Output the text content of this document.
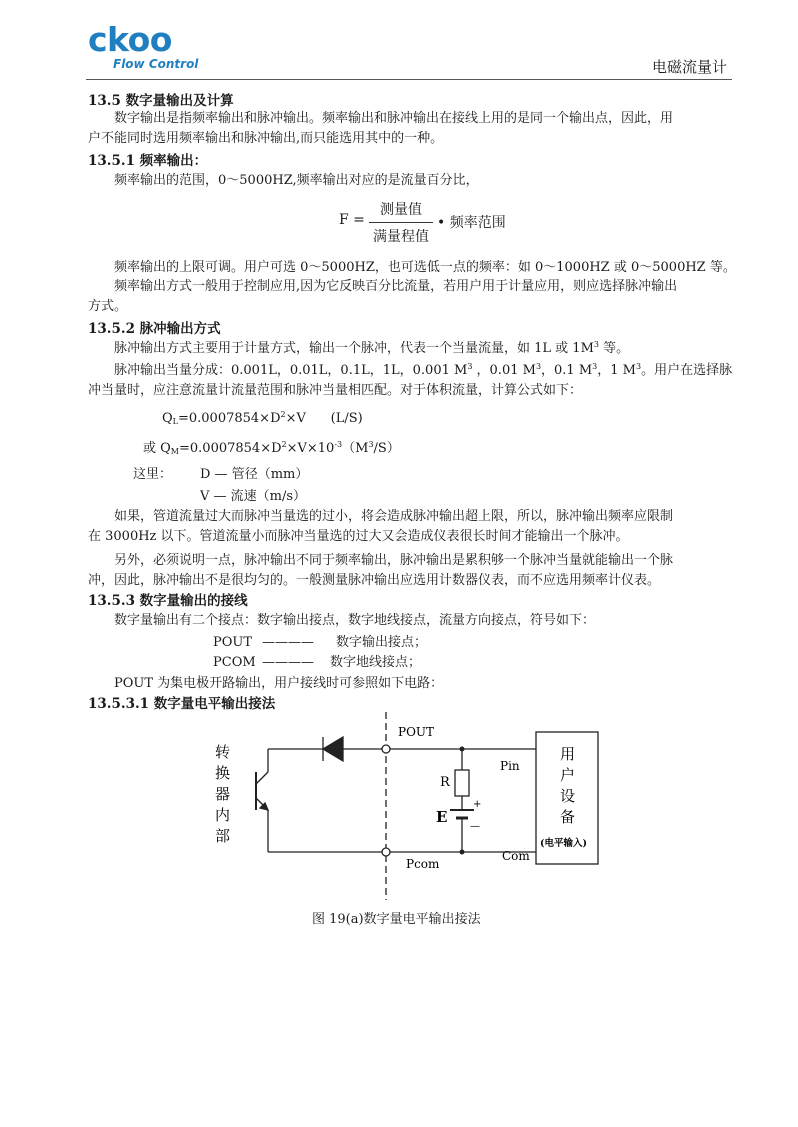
ckoo
Flow Control	电磁流量计
13.5 数字量输出及计算
数字输出是指频率输出和脉冲输出。频率输出和脉冲输出在接线上用的是同一个输出点，因此，用
户不能同时选用频率输出和脉冲输出,而只能选用其中的一种。
13.5.1 频率输出：
频率输出的范围，0～5000HZ,频率输出对应的是流量百分比，
F =
测量值
满量程值
• 频率范围
频率输出的上限可调。用户可选 0～5000HZ，也可选低一点的频率：如 0～1000HZ 或 0～5000HZ 等。
频率输出方式一般用于控制应用,因为它反映百分比流量，若用户用于计量应用，则应选择脉冲输出
方式。
13.5.2 脉冲输出方式
脉冲输出方式主要用于计量方式，输出一个脉冲，代表一个当量流量，如 1L 或 $1M^3$ 等。
脉冲输出当量分成：0.001L，0.01L，0.1L，1L，0.001 $M^3$ ，0.01 $M^3$，0.1 $M^3$，1 $M^3$。用户在选择脉
冲当量时，应注意流量计流量范围和脉冲当量相匹配。对于体积流量，计算公式如下：
$Q_L=0.0007854\times D^2\times V$      (L/S)
或 $Q_M=0.0007854\times D^2\times V\times 10^{-3}(M^3/S)$
这里： D — 管径（mm）
V — 流速（m/s）
如果，管道流量过大而脉冲当量选的过小，将会造成脉冲输出超上限，所以，脉冲输出频率应限制
在 3000Hz 以下。管道流量小而脉冲当量选的过大又会造成仪表很长时间才能输出一个脉冲。
另外，必须说明一点，脉冲输出不同于频率输出，脉冲输出是累积够一个脉冲当量就能输出一个脉
冲，因此，脉冲输出不是很均匀的。一般测量脉冲输出应选用计数器仪表，而不应选用频率计仪表。
13.5.3 数字量输出的接线
数字量输出有二个接点：数字输出接点，数字地线接点，流量方向接点，符号如下：
POUT ———— 数字输出接点；
PCOM ———— 数字地线接点；
POUT 为集电极开路输出，用户接线时可参照如下电路：
13.5.3.1 数字量电平输出接法
转
换
器
内
部
POUT
Pcom
Pin
Com
R
E
+
—
用
户
设
备
(电平输入)
图 19(a)数字量电平输出接法
